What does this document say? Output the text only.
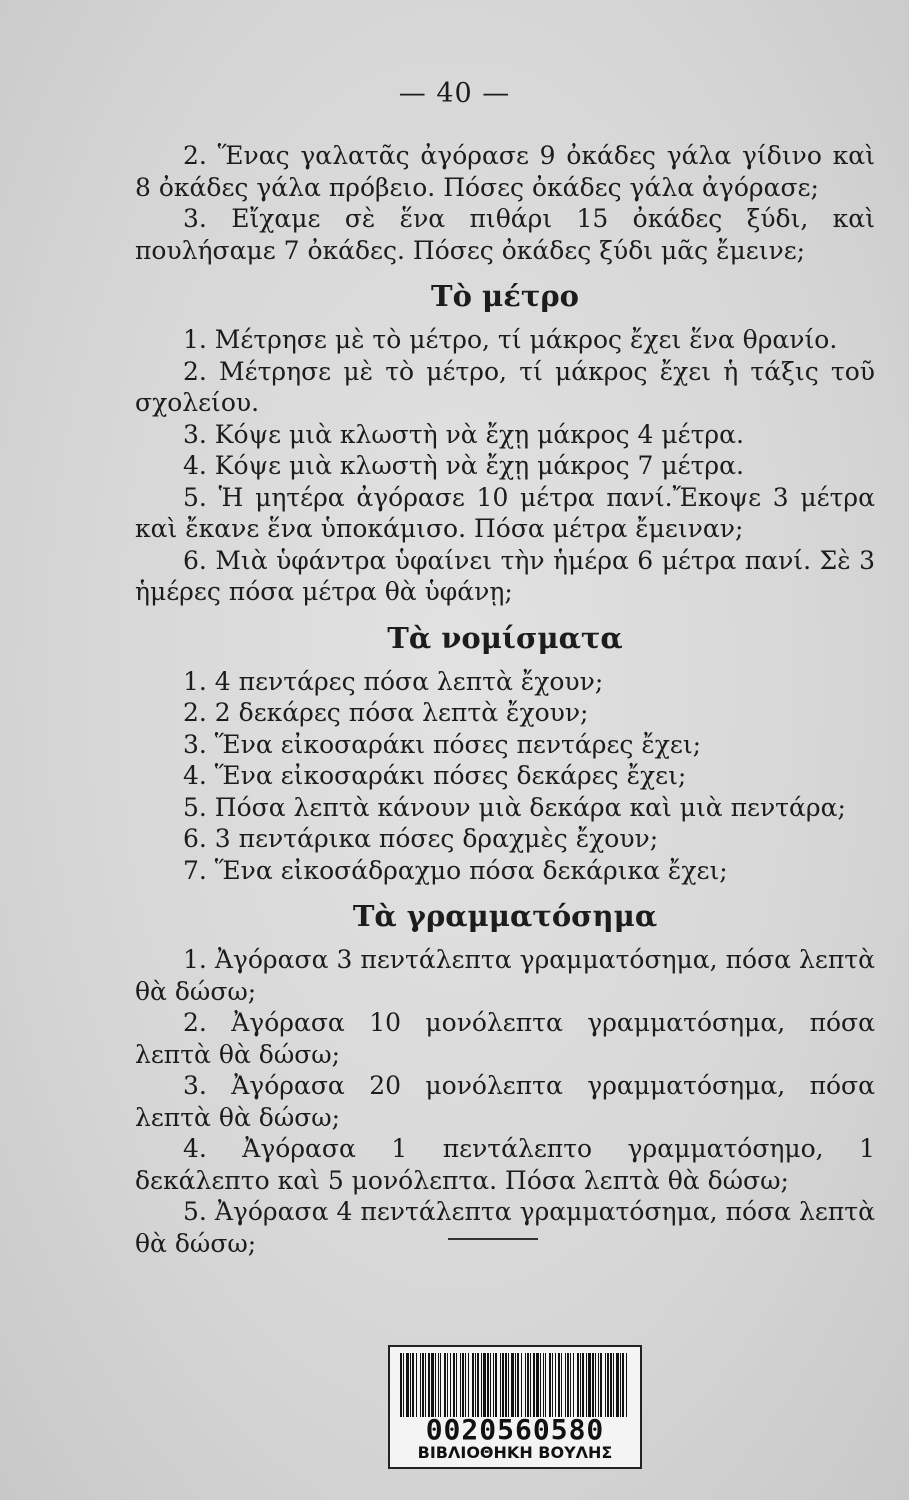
— 40 —

2. Ἕνας γαλατᾶς ἀγόρασε 9 ὀκάδες γάλα γίδινο καὶ 8 ὀκάδες γάλα πρόβειο. Πόσες ὀκάδες γάλα ἀγόρασε;

3. Εἴχαμε σὲ ἕνα πιθάρι 15 ὀκάδες ξύδι, καὶ πουλήσαμε 7 ὀκάδες. Πόσες ὀκάδες ξύδι μᾶς ἔμεινε;

Τὸ μέτρο

1. Μέτρησε μὲ τὸ μέτρο, τί μάκρος ἔχει ἕνα θρανίο.

2. Μέτρησε μὲ τὸ μέτρο, τί μάκρος ἔχει ἡ τάξις τοῦ σχολείου.

3. Κόψε μιὰ κλωστὴ νὰ ἔχῃ μάκρος 4 μέτρα.

4. Κόψε μιὰ κλωστὴ νὰ ἔχῃ μάκρος 7 μέτρα.

5. Ἡ μητέρα ἀγόρασε 10 μέτρα πανί.Ἔκοψε 3 μέτρα καὶ ἔκανε ἕνα ὑποκάμισο. Πόσα μέτρα ἔμειναν;

6. Μιὰ ὑφάντρα ὑφαίνει τὴν ἡμέρα 6 μέτρα πανί. Σὲ 3 ἡμέρες πόσα μέτρα θὰ ὑφάνῃ;

Τὰ νομίσματα

1. 4 πεντάρες πόσα λεπτὰ ἔχουν;

2. 2 δεκάρες πόσα λεπτὰ ἔχουν;

3. Ἕνα εἰκοσαράκι πόσες πεντάρες ἔχει;

4. Ἕνα εἰκοσαράκι πόσες δεκάρες ἔχει;

5. Πόσα λεπτὰ κάνουν μιὰ δεκάρα καὶ μιὰ πεντάρα;

6. 3 πεντάρικα πόσες δραχμὲς ἔχουν;

7. Ἕνα εἰκοσάδραχμο πόσα δεκάρικα ἔχει;

Τὰ γραμματόσημα

1. Ἀγόρασα 3 πεντάλεπτα γραμματόσημα, πόσα λεπτὰ θὰ δώσω;

2. Ἀγόρασα 10 μονόλεπτα γραμματόσημα, πόσα λεπτὰ θὰ δώσω;

3. Ἀγόρασα 20 μονόλεπτα γραμματόσημα, πόσα λεπτὰ θὰ δώσω;

4. Ἀγόρασα 1 πεντάλεπτο γραμματόσημο, 1 δεκάλεπτο καὶ 5 μονόλεπτα. Πόσα λεπτὰ θὰ δώσω;

5. Ἀγόρασα 4 πεντάλεπτα γραμματόσημα, πόσα λεπτὰ θὰ δώσω;

0020560580
ΒΙΒΛΙΟΘΗΚΗ ΒΟΥΛΗΣ
